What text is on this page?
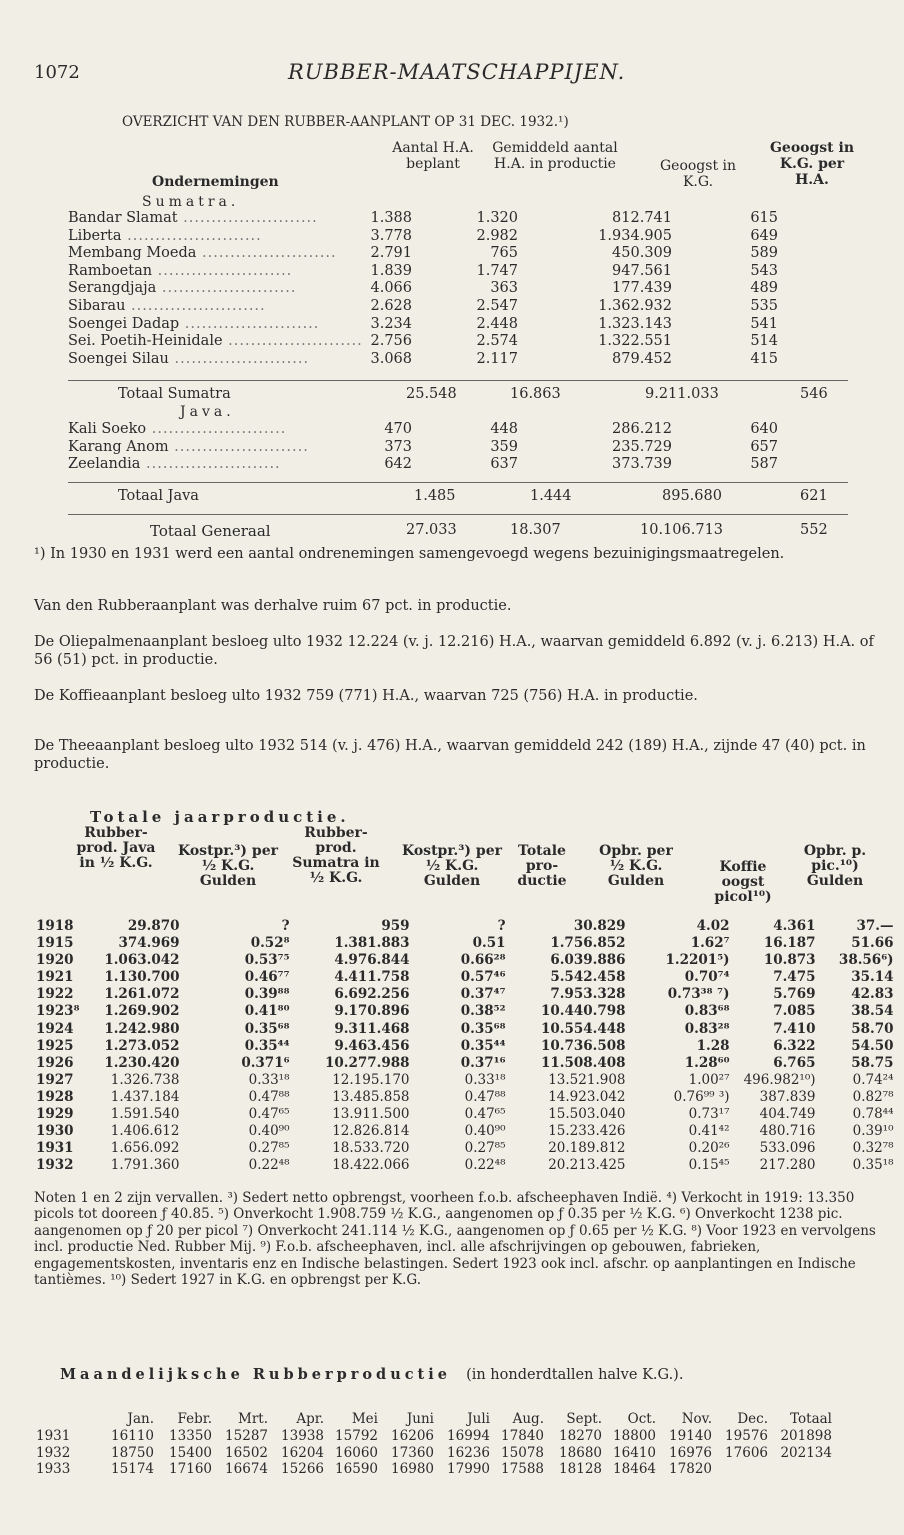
1072	RUBBER-MAATSCHAPPIJEN.
OVERZICHT VAN DEN RUBBER-AANPLANT OP 31 DEC. 1932.¹)
Ondernemingen
Aantal H.A. beplant
Gemiddeld aantal H.A. in productie	Geoogst in K.G.
Geoogst in K.G. per H.A.
Sumatra.
Bandar Slamat ........................	1.388	1.320	812.741	615
Liberta ........................	3.778	2.982	1.934.905	649
Membang Moeda ........................	2.791	765	450.309	589
Ramboetan ........................	1.839	1.747	947.561	543
Serangdjaja ........................	4.066	363	177.439	489
Sibarau ........................	2.628	2.547	1.362.932	535
Soengei Dadap ........................	3.234	2.448	1.323.143	541
Sei. Poetih-Heinidale ........................	2.756	2.574	1.322.551	514
Soengei Silau ........................	3.068	2.117	879.452	415
Totaal Sumatra	25.548	16.863	9.211.033	546
Java.
Kali Soeko ........................	470	448	286.212	640
Karang Anom ........................	373	359	235.729	657
Zeelandia ........................	642	637	373.739	587
Totaal Java	1.485	1.444	895.680	621
Totaal Generaal	27.033	18.307	10.106.713	552

¹) In 1930 en 1931 werd een aantal ondrenemingen samengevoegd wegens bezuinigingsmaatregelen.

Van den Rubberaanplant was derhalve ruim 67 pct. in productie.

De Oliepalmenaanplant besloeg ulto 1932 12.224 (v. j. 12.216) H.A., waarvan gemiddeld 6.892 (v. j. 6.213) H.A. of 56 (51) pct. in productie.

De Koffieaanplant besloeg ulto 1932 759 (771) H.A., waarvan 725 (756) H.A. in productie.

De Theeaanplant besloeg ulto 1932 514 (v. j. 476) H.A., waarvan gemiddeld 242 (189) H.A., zijnde 47 (40) pct. in productie.

Totale jaarproductie.
Rubber-prod. Java in ½ K.G.
Kostpr.³) per ½ K.G. Gulden
Rubber-prod. Sumatra in ½ K.G.
Kostpr.³) per ½ K.G. Gulden
Totale pro-ductie
Opbr. per ½ K.G. Gulden
Koffie oogst picol¹⁰)
Opbr. p. pic.¹⁰) Gulden
1918	29.870	?	959	?	30.829	4.02	4.361	37.—
1915	374.969	0.52⁸	1.381.883	0.51	1.756.852	1.62⁷	16.187	51.66
1920	1.063.042	0.53⁷⁵	4.976.844	0.66²⁸	6.039.886	1.2201⁵)	10.873	38.56⁶)
1921	1.130.700	0.46⁷⁷	4.411.758	0.57⁴⁶	5.542.458	0.70⁷⁴	7.475	35.14
1922	1.261.072	0.39⁸⁸	6.692.256	0.37⁴⁷	7.953.328	0.73³⁸ ⁷)	5.769	42.83
1923⁸	1.269.902	0.41⁸⁰	9.170.896	0.38⁵²	10.440.798	0.83⁶⁸	7.085	38.54
1924	1.242.980	0.35⁶⁸	9.311.468	0.35⁶⁸	10.554.448	0.83²⁸	7.410	58.70
1925	1.273.052	0.35⁴⁴	9.463.456	0.35⁴⁴	10.736.508	1.28	6.322	54.50
1926	1.230.420	0.371⁶	10.277.988	0.37¹⁶	11.508.408	1.28⁶⁰	6.765	58.75
1927	1.326.738	0.33¹⁸	12.195.170	0.33¹⁸	13.521.908	1.00²⁷	496.982¹⁰)	0.74²⁴
1928	1.437.184	0.47⁸⁸	13.485.858	0.47⁸⁸	14.923.042	0.76⁹⁹ ³)	387.839	0.82⁷⁸
1929	1.591.540	0.47⁶⁵	13.911.500	0.47⁶⁵	15.503.040	0.73¹⁷	404.749	0.78⁴⁴
1930	1.406.612	0.40⁹⁰	12.826.814	0.40⁹⁰	15.233.426	0.41⁴²	480.716	0.39¹⁰
1931	1.656.092	0.27⁸⁵	18.533.720	0.27⁸⁵	20.189.812	0.20²⁶	533.096	0.32⁷⁸
1932	1.791.360	0.22⁴⁸	18.422.066	0.22⁴⁸	20.213.425	0.15⁴⁵	217.280	0.35¹⁸

Noten 1 en 2 zijn vervallen. ³) Sedert netto opbrengst, voorheen f.o.b. afscheephaven Indië. ⁴) Verkocht in 1919: 13.350 picols tot dooreen ƒ 40.85. ⁵) Onverkocht 1.908.759 ½ K.G., aangenomen op ƒ 0.35 per ½ K.G. ⁶) Onverkocht 1238 pic. aangenomen op ƒ 20 per picol ⁷) Onverkocht 241.114 ½ K.G., aangenomen op ƒ 0.65 per ½ K.G. ⁸) Voor 1923 en vervolgens incl. productie Ned. Rubber Mij. ⁹) F.o.b. afscheephaven, incl. alle afschrijvingen op gebouwen, fabrieken, engagementskosten, inventaris enz en Indische belastingen. Sedert 1923 ook incl. afschr. op aanplantingen en Indische tantièmes. ¹⁰) Sedert 1927 in K.G. en opbrengst per K.G.

Maandelijksche Rubberproductie (in honderdtallen halve K.G.).
	Jan.	Febr.	Mrt.	Apr.	Mei	Juni	Juli	Aug.	Sept.	Oct.	Nov.	Dec.	Totaal
1931	16110	13350	15287	13938	15792	16206	16994	17840	18270	18800	19140	19576	201898
1932	18750	15400	16502	16204	16060	17360	16236	15078	18680	16410	16976	17606	202134
1933	15174	17160	16674	15266	16590	16980	17990	17588	18128	18464	17820		
